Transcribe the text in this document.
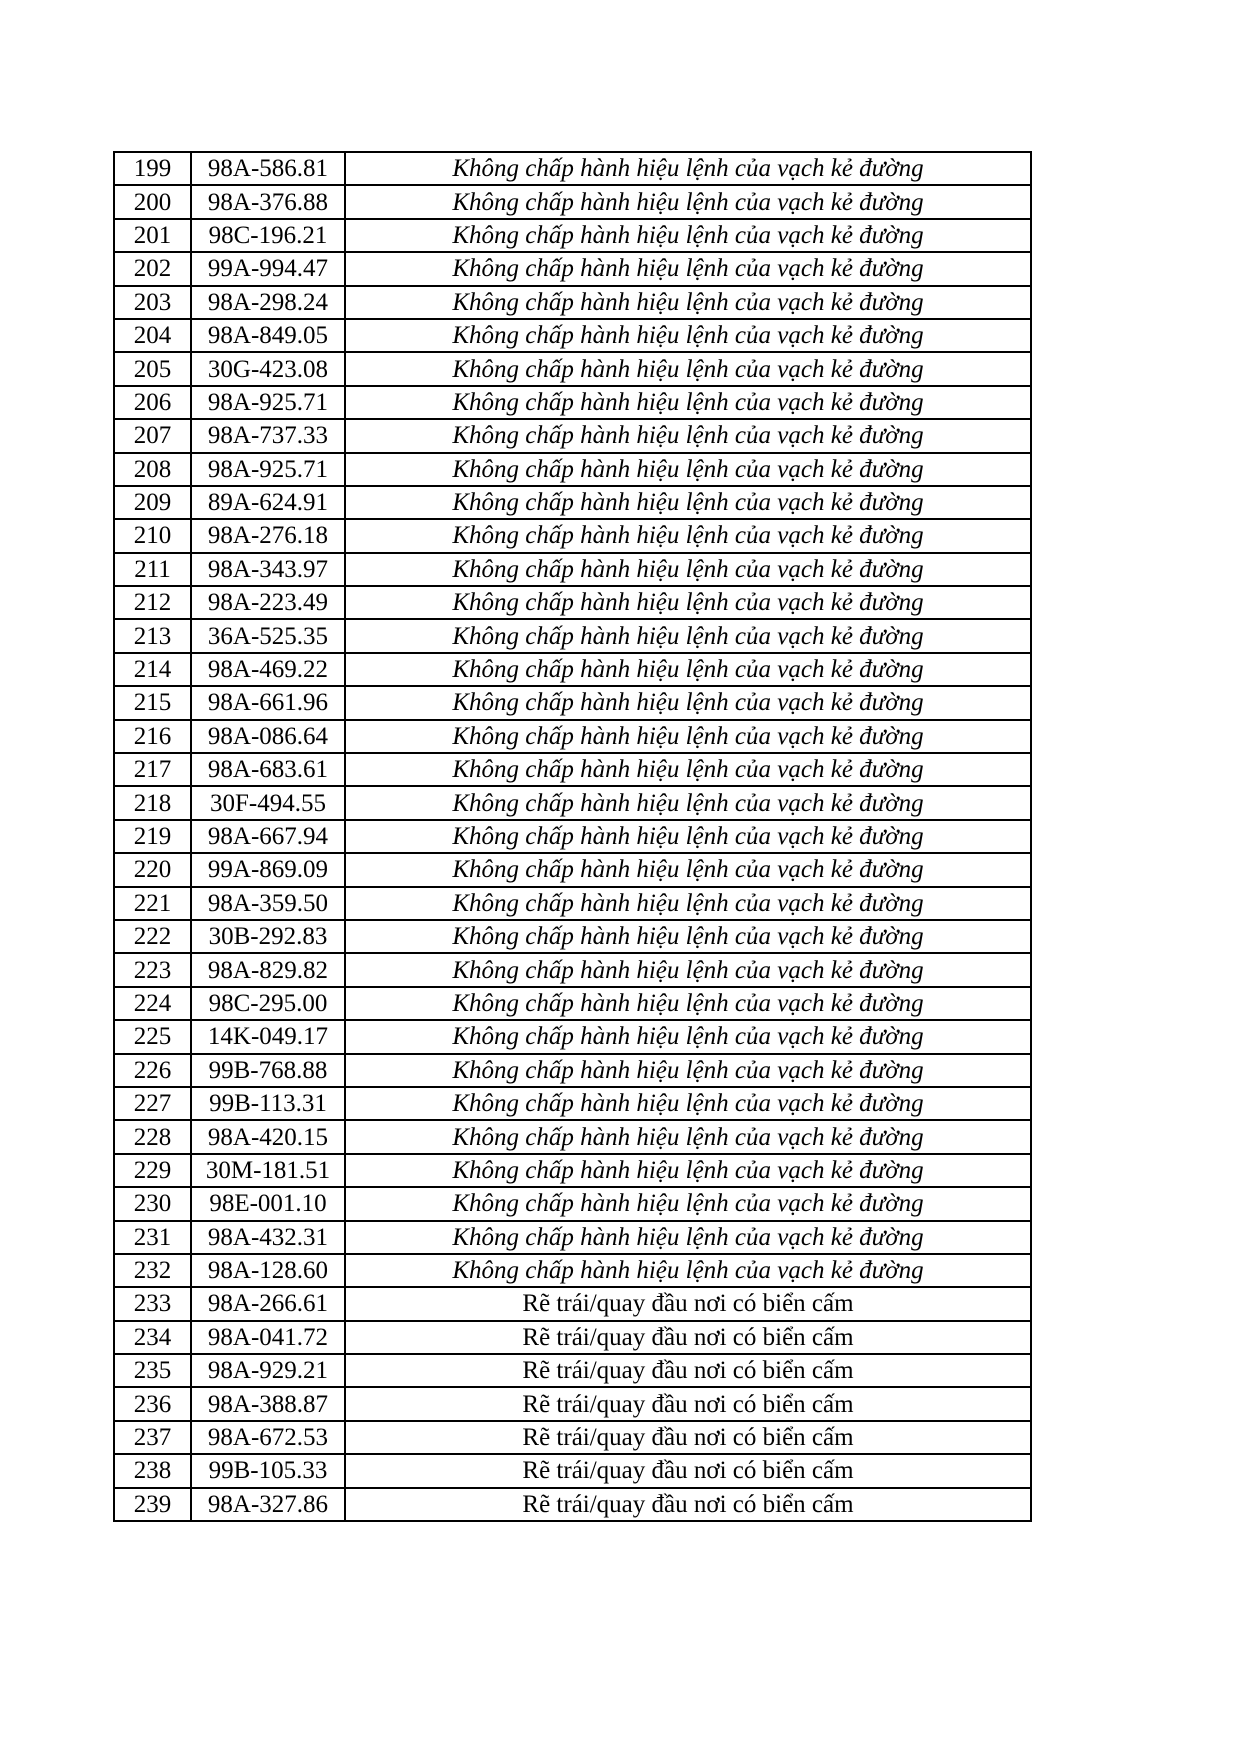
199	98A-586.81	Không chấp hành hiệu lệnh của vạch kẻ đường
200	98A-376.88	Không chấp hành hiệu lệnh của vạch kẻ đường
201	98C-196.21	Không chấp hành hiệu lệnh của vạch kẻ đường
202	99A-994.47	Không chấp hành hiệu lệnh của vạch kẻ đường
203	98A-298.24	Không chấp hành hiệu lệnh của vạch kẻ đường
204	98A-849.05	Không chấp hành hiệu lệnh của vạch kẻ đường
205	30G-423.08	Không chấp hành hiệu lệnh của vạch kẻ đường
206	98A-925.71	Không chấp hành hiệu lệnh của vạch kẻ đường
207	98A-737.33	Không chấp hành hiệu lệnh của vạch kẻ đường
208	98A-925.71	Không chấp hành hiệu lệnh của vạch kẻ đường
209	89A-624.91	Không chấp hành hiệu lệnh của vạch kẻ đường
210	98A-276.18	Không chấp hành hiệu lệnh của vạch kẻ đường
211	98A-343.97	Không chấp hành hiệu lệnh của vạch kẻ đường
212	98A-223.49	Không chấp hành hiệu lệnh của vạch kẻ đường
213	36A-525.35	Không chấp hành hiệu lệnh của vạch kẻ đường
214	98A-469.22	Không chấp hành hiệu lệnh của vạch kẻ đường
215	98A-661.96	Không chấp hành hiệu lệnh của vạch kẻ đường
216	98A-086.64	Không chấp hành hiệu lệnh của vạch kẻ đường
217	98A-683.61	Không chấp hành hiệu lệnh của vạch kẻ đường
218	30F-494.55	Không chấp hành hiệu lệnh của vạch kẻ đường
219	98A-667.94	Không chấp hành hiệu lệnh của vạch kẻ đường
220	99A-869.09	Không chấp hành hiệu lệnh của vạch kẻ đường
221	98A-359.50	Không chấp hành hiệu lệnh của vạch kẻ đường
222	30B-292.83	Không chấp hành hiệu lệnh của vạch kẻ đường
223	98A-829.82	Không chấp hành hiệu lệnh của vạch kẻ đường
224	98C-295.00	Không chấp hành hiệu lệnh của vạch kẻ đường
225	14K-049.17	Không chấp hành hiệu lệnh của vạch kẻ đường
226	99B-768.88	Không chấp hành hiệu lệnh của vạch kẻ đường
227	99B-113.31	Không chấp hành hiệu lệnh của vạch kẻ đường
228	98A-420.15	Không chấp hành hiệu lệnh của vạch kẻ đường
229	30M-181.51	Không chấp hành hiệu lệnh của vạch kẻ đường
230	98E-001.10	Không chấp hành hiệu lệnh của vạch kẻ đường
231	98A-432.31	Không chấp hành hiệu lệnh của vạch kẻ đường
232	98A-128.60	Không chấp hành hiệu lệnh của vạch kẻ đường
233	98A-266.61	Rẽ trái/quay đầu nơi có biển cấm
234	98A-041.72	Rẽ trái/quay đầu nơi có biển cấm
235	98A-929.21	Rẽ trái/quay đầu nơi có biển cấm
236	98A-388.87	Rẽ trái/quay đầu nơi có biển cấm
237	98A-672.53	Rẽ trái/quay đầu nơi có biển cấm
238	99B-105.33	Rẽ trái/quay đầu nơi có biển cấm
239	98A-327.86	Rẽ trái/quay đầu nơi có biển cấm
